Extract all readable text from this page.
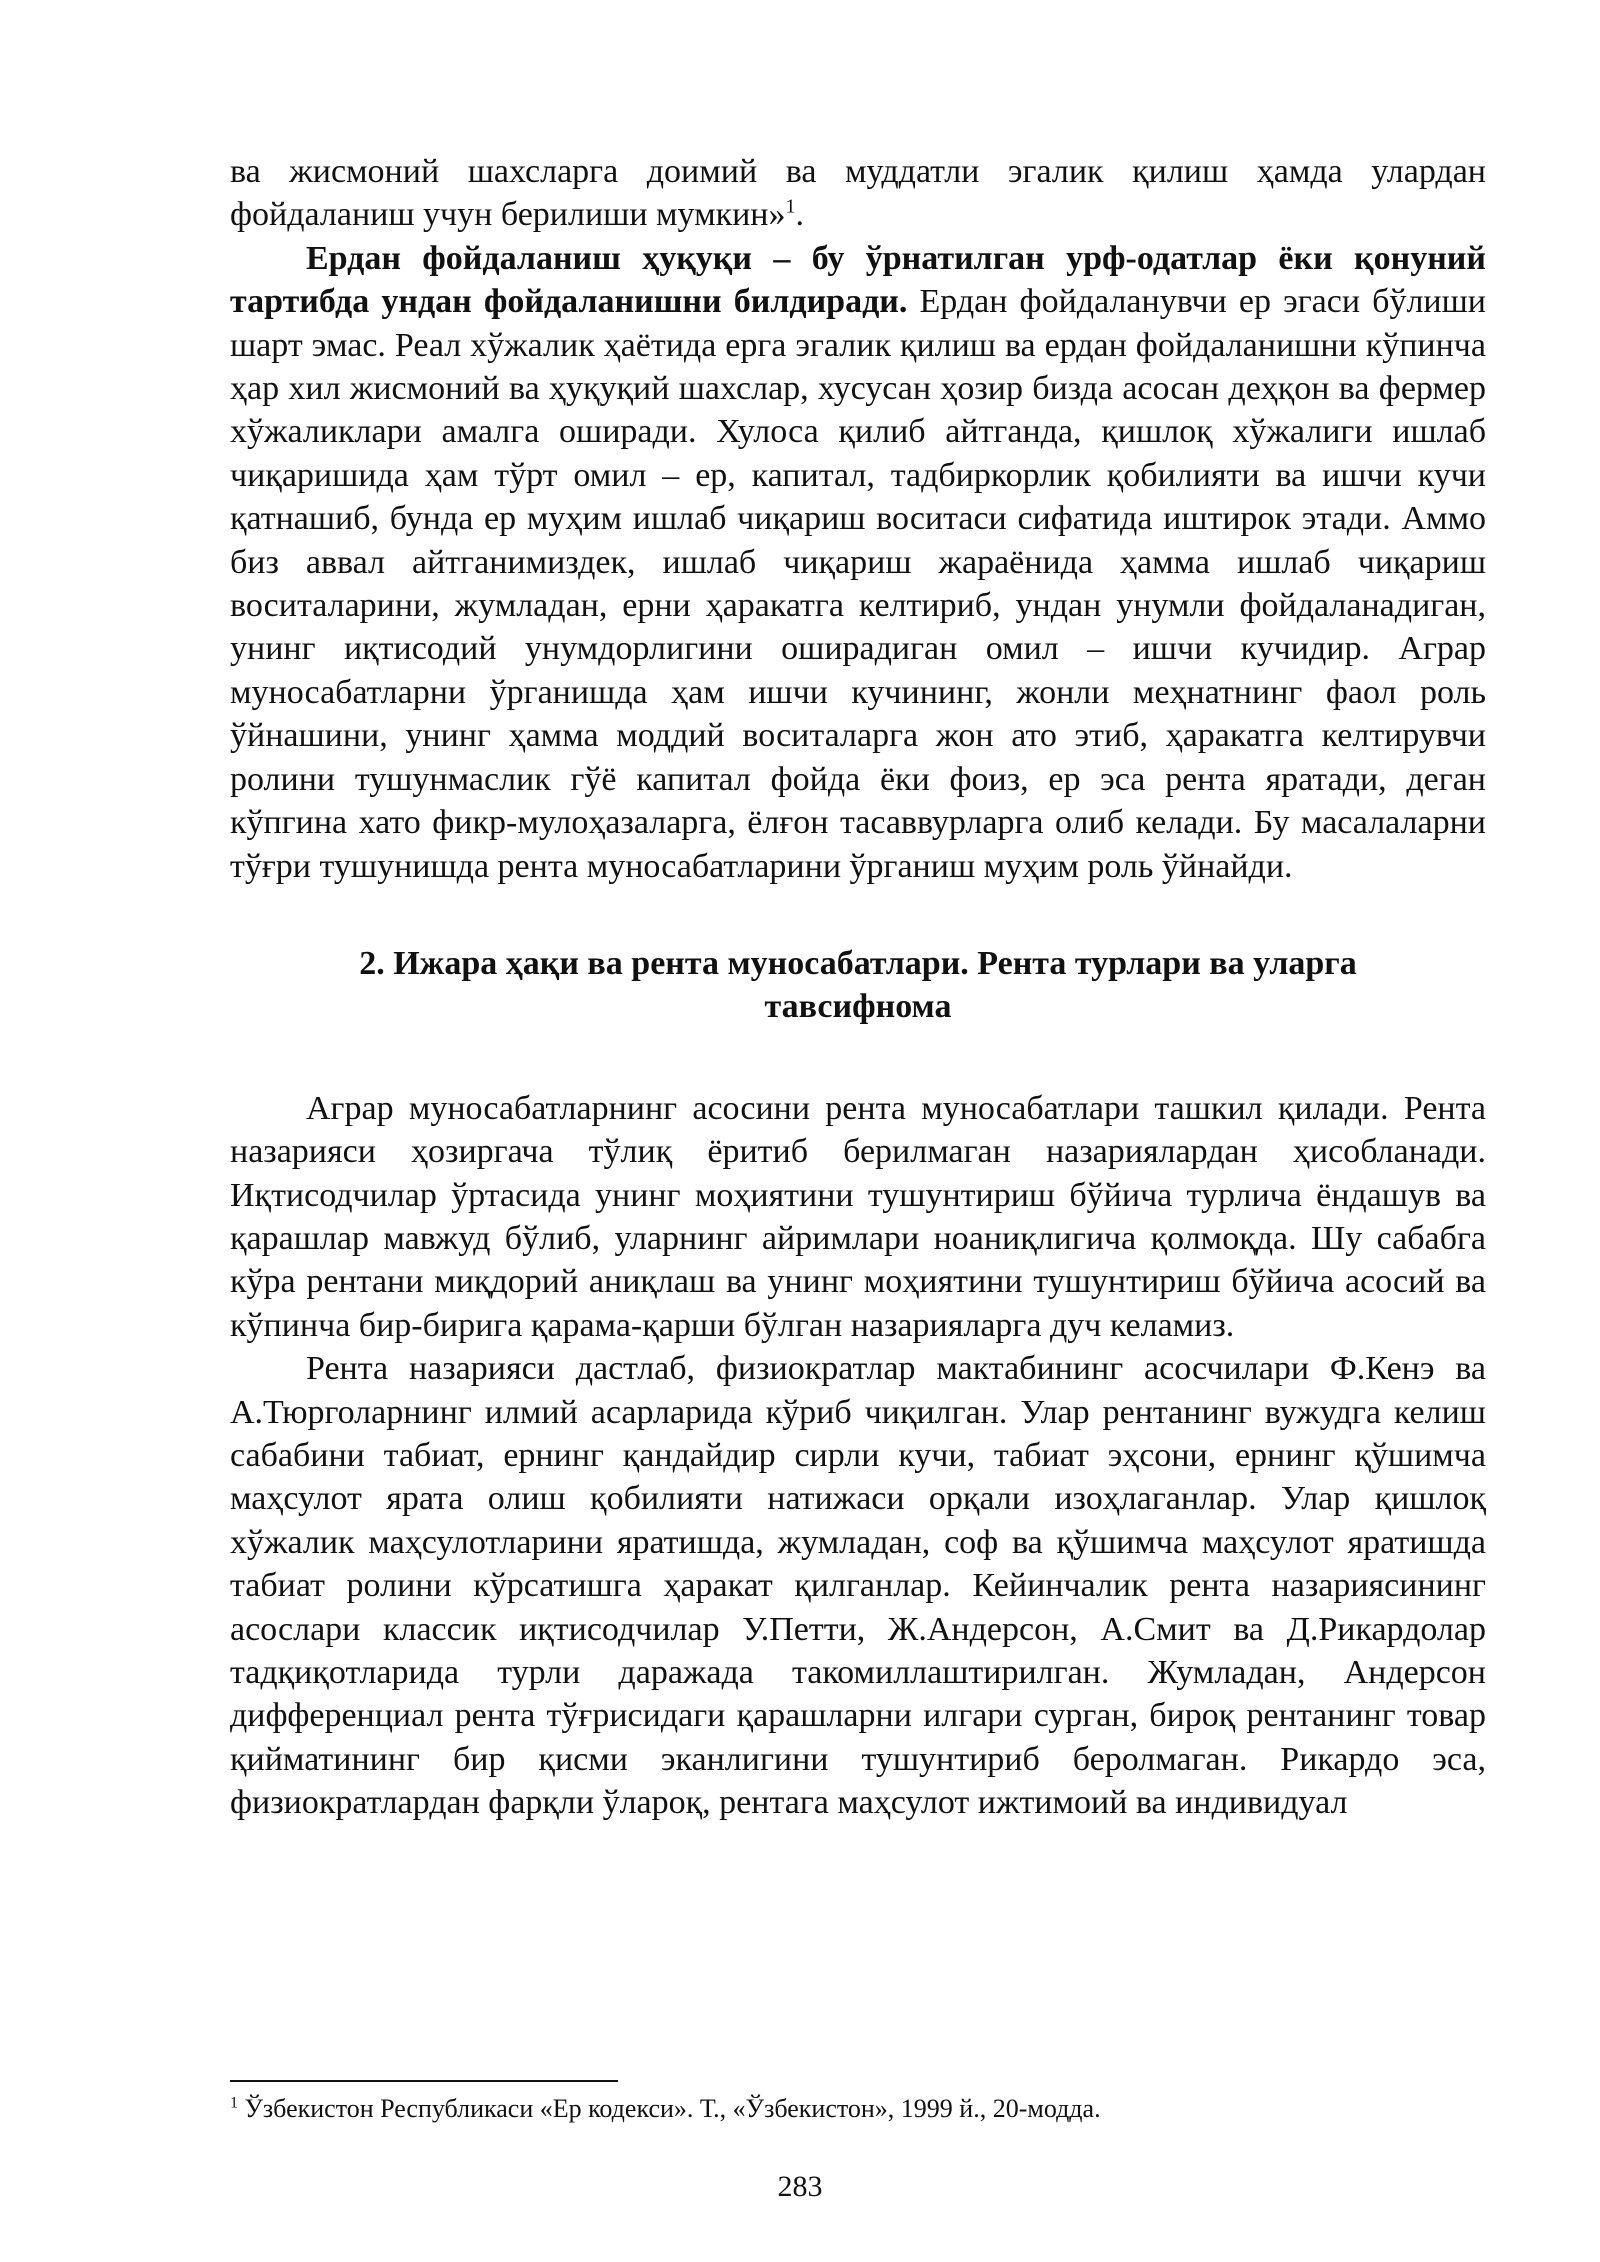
ва жисмоний шахсларга доимий ва муддатли эгалик қилиш ҳамда улардан фойдаланиш учун берилиши мумкин»$^1$.

Ердан фойдаланиш ҳуқуқи – бу ўрнатилган урф-одатлар ёки қонуний тартибда ундан фойдаланишни билдиради. Ердан фойдаланувчи ер эгаси бўлиши шарт эмас. Реал хўжалик ҳаётида ерга эгалик қилиш ва ердан фойдаланишни кўпинча ҳар хил жисмоний ва ҳуқуқий шахслар, хусусан ҳозир бизда асосан деҳқон ва фермер хўжаликлари амалга оширади. Хулоса қилиб айтганда, қишлоқ хўжалиги ишлаб чиқаришида ҳам тўрт омил – ер, капитал, тадбиркорлик қобилияти ва ишчи кучи қатнашиб, бунда ер муҳим ишлаб чиқариш воситаси сифатида иштирок этади. Аммо биз аввал айтганимиздек, ишлаб чиқариш жараёнида ҳамма ишлаб чиқариш воситаларини, жумладан, ерни ҳаракатга келтириб, ундан унумли фойдаланадиган, унинг иқтисодий унумдорлигини оширадиган омил – ишчи кучидир. Аграр муносабатларни ўрганишда ҳам ишчи кучининг, жонли меҳнатнинг фаол роль ўйнашини, унинг ҳамма моддий воситаларга жон ато этиб, ҳаракатга келтирувчи ролини тушунмаслик гўё капитал фойда ёки фоиз, ер эса рента яратади, деган кўпгина хато фикр-мулоҳазаларга, ёлғон тасаввурларга олиб келади. Бу масалаларни тўғри тушунишда рента муносабатларини ўрганиш муҳим роль ўйнайди.

2. Ижара ҳақи ва рента муносабатлари. Рента турлари ва уларга тавсифнома

Аграр муносабатларнинг асосини рента муносабатлари ташкил қилади. Рента назарияси ҳозиргача тўлиқ ёритиб берилмаган назариялардан ҳисобланади. Иқтисодчилар ўртасида унинг моҳиятини тушунтириш бўйича турлича ёндашув ва қарашлар мавжуд бўлиб, уларнинг айримлари ноаниқлигича қолмоқда. Шу сабабга кўра рентани миқдорий аниқлаш ва унинг моҳиятини тушунтириш бўйича асосий ва кўпинча бир-бирига қарама-қарши бўлган назарияларга дуч келамиз.

Рента назарияси дастлаб, физиократлар мактабининг асосчилари Ф.Кенэ ва А.Тюрголарнинг илмий асарларида кўриб чиқилган. Улар рентанинг вужудга келиш сабабини табиат, ернинг қандайдир сирли кучи, табиат эҳсони, ернинг қўшимча маҳсулот ярата олиш қобилияти натижаси орқали изоҳлаганлар. Улар қишлоқ хўжалик маҳсулотларини яратишда, жумладан, соф ва қўшимча маҳсулот яратишда табиат ролини кўрсатишга ҳаракат қилганлар. Кейинчалик рента назариясининг асослари классик иқтисодчилар У.Петти, Ж.Андерсон, А.Смит ва Д.Рикардолар тадқиқотларида турли даражада такомиллаштирилган. Жумладан, Андерсон дифференциал рента тўғрисидаги қарашларни илгари сурган, бироқ рентанинг товар қийматининг бир қисми эканлигини тушунтириб беролмаган. Рикардо эса, физиократлардан фарқли ўлароқ, рентага маҳсулот ижтимоий ва индивидуал

$^1$ Ўзбекистон Республикаси «Ер кодекси». Т., «Ўзбекистон», 1999 й., 20-модда.
283
